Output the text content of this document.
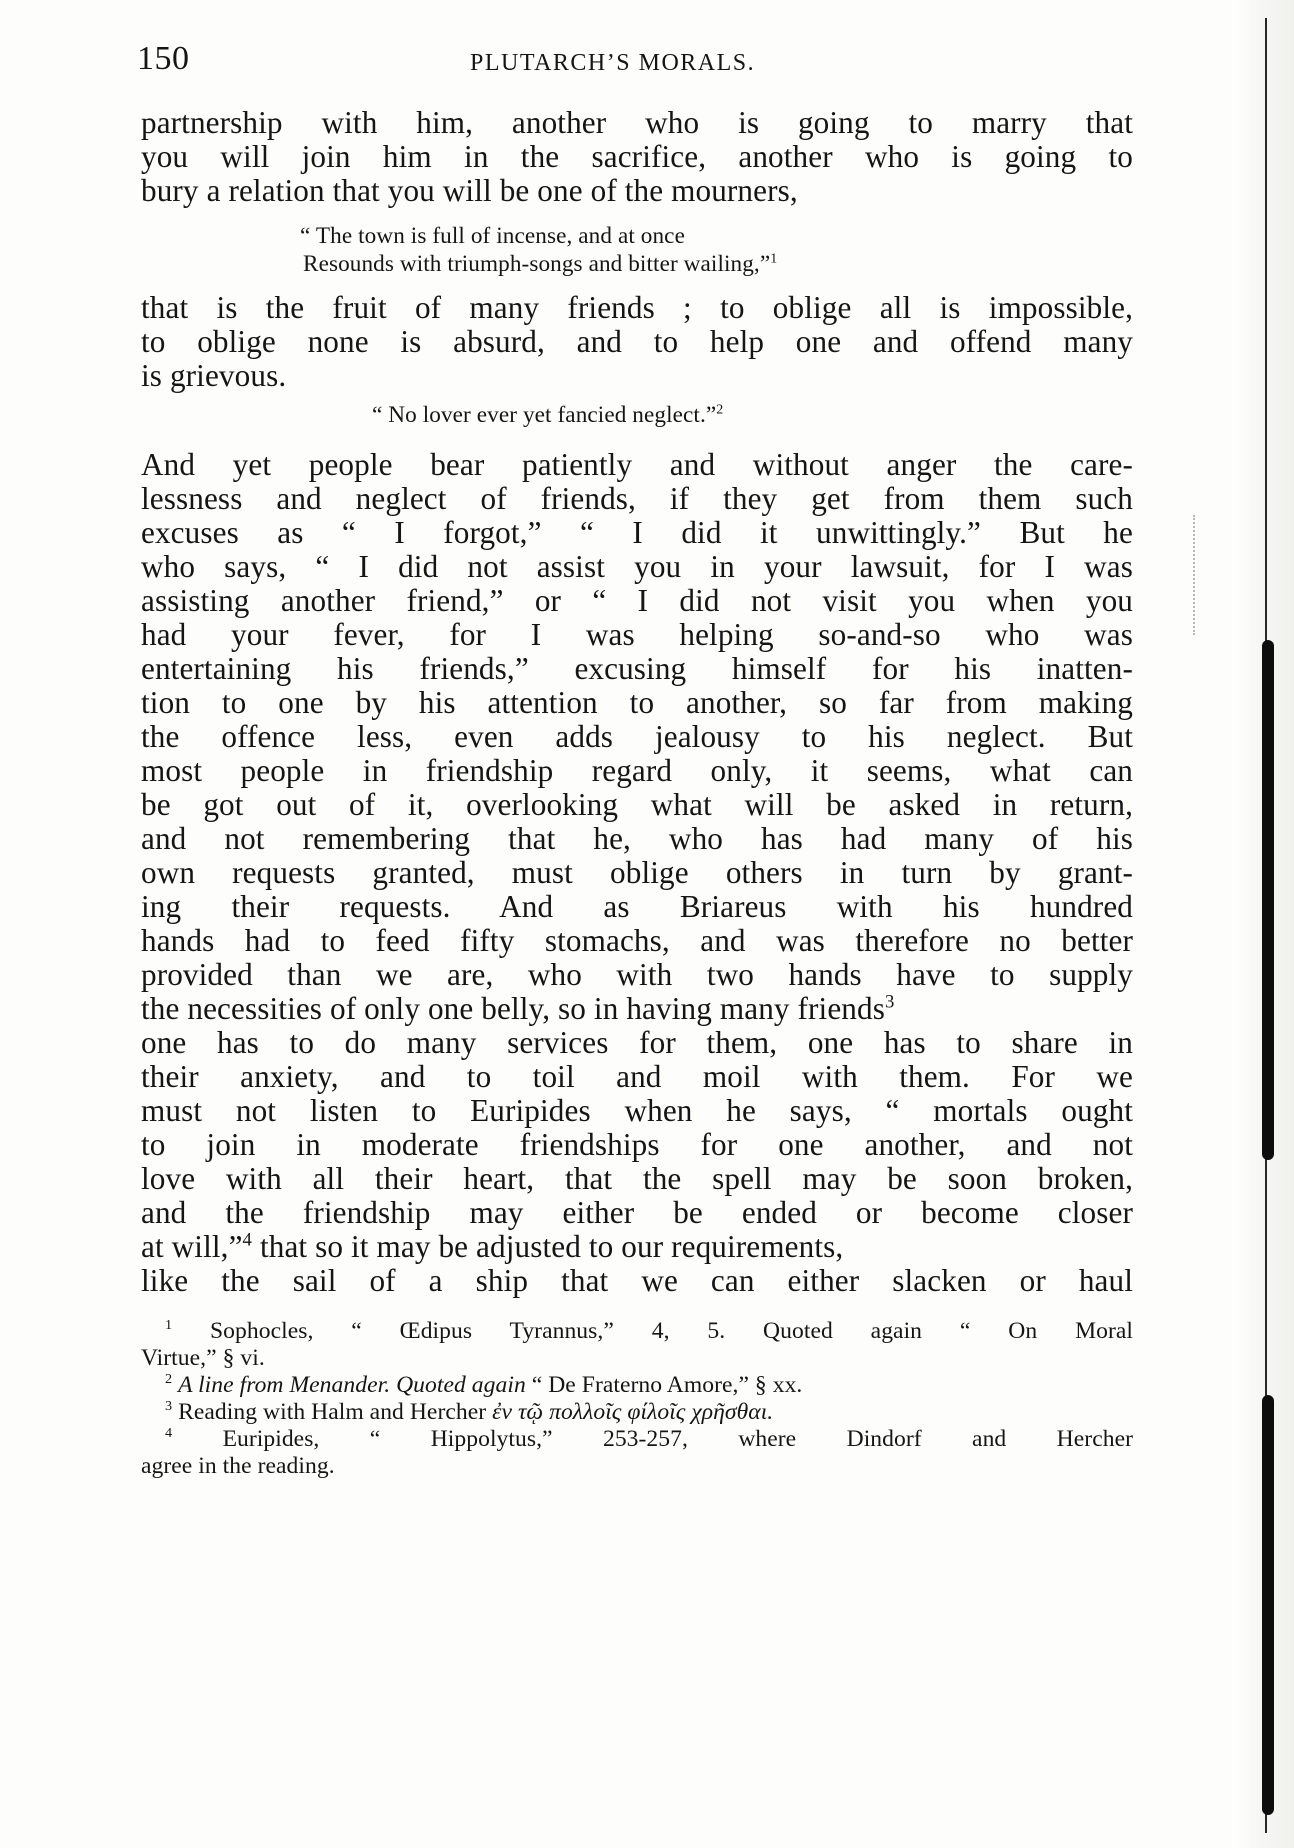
150	PLUTARCH’S MORALS.
partnership with him, another who is going to marry that
you will join him in the sacrifice, another who is going to
bury a relation that you will be one of the mourners,
“ The town is full of incense, and at once
Resounds with triumph-songs and bitter wailing,”$^1$
that is the fruit of many friends ; to oblige all is impossible,
to oblige none is absurd, and to help one and offend many
is grievous.
“ No lover ever yet fancied neglect.”$^2$
And yet people bear patiently and without anger the care-
lessness and neglect of friends, if they get from them such
excuses as “ I forgot,” “ I did it unwittingly.” But he
who says, “ I did not assist you in your lawsuit, for I was
assisting another friend,” or “ I did not visit you when you
had your fever, for I was helping so-and-so who was
entertaining his friends,” excusing himself for his inatten-
tion to one by his attention to another, so far from making
the offence less, even adds jealousy to his neglect. But
most people in friendship regard only, it seems, what can
be got out of it, overlooking what will be asked in return,
and not remembering that he, who has had many of his
own requests granted, must oblige others in turn by grant-
ing their requests. And as Briareus with his hundred
hands had to feed fifty stomachs, and was therefore no better
provided than we are, who with two hands have to supply
the necessities of only one belly, so in having many friends$^3$
one has to do many services for them, one has to share in
their anxiety, and to toil and moil with them. For we
must not listen to Euripides when he says, “ mortals ought
to join in moderate friendships for one another, and not
love with all their heart, that the spell may be soon broken,
and the friendship may either be ended or become closer
at will,”$^4$ that so it may be adjusted to our requirements,
like the sail of a ship that we can either slacken or haul
$^1$ Sophocles, “ Œdipus Tyrannus,” 4, 5. Quoted again “ On Moral
Virtue,” § vi.
$^2$ A line from Menander. Quoted again “ De Fraterno Amore,” § xx.
$^3$ Reading with Halm and Hercher ἐν τῷ πολλοῖς φίλοῖς χρῆσθαι.
$^4$ Euripides, “ Hippolytus,” 253-257, where Dindorf and Hercher
agree in the reading.
